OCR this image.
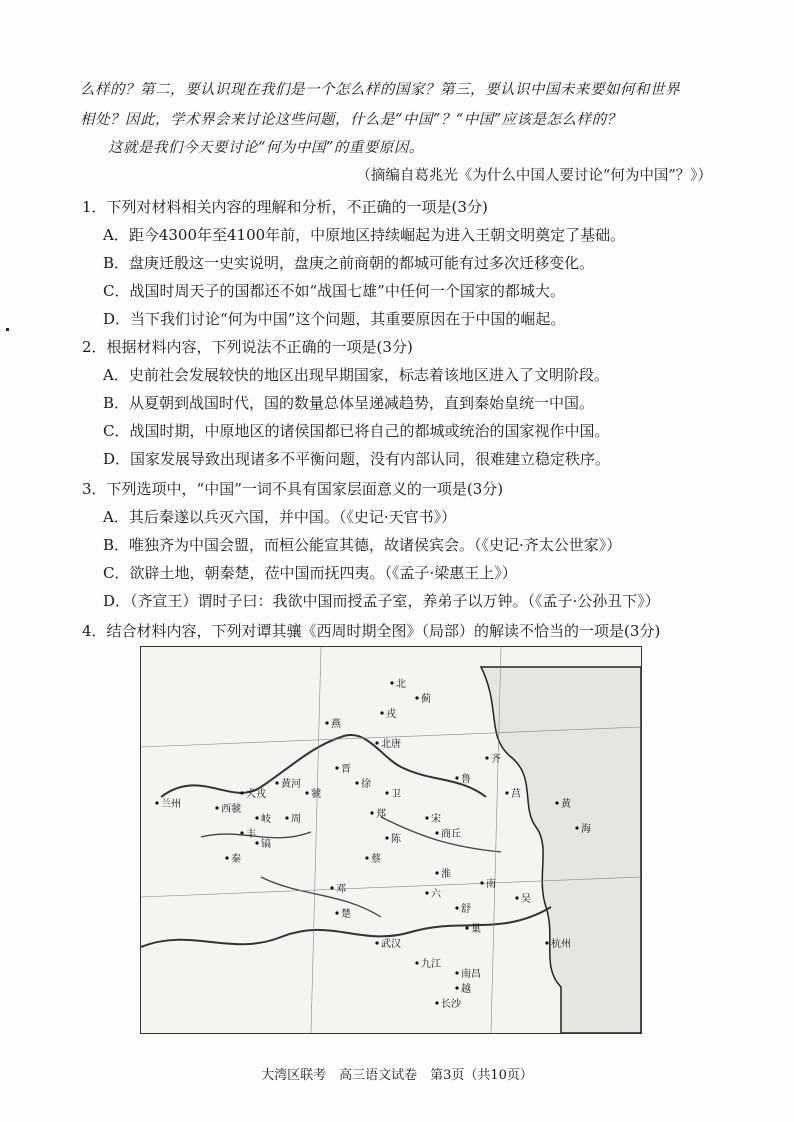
么样的？第二，要认识现在我们是一个怎么样的国家？第三，要认识中国未来要如何和世界
相处？因此，学术界会来讨论这些问题，什么是“中国”？“中国”应该是怎么样的？
这就是我们今天要讨论“何为中国”的重要原因。
（摘编自葛兆光《为什么中国人要讨论“何为中国”？》）
1．下列对材料相关内容的理解和分析，不正确的一项是(3分)
A．距今4300年至4100年前，中原地区持续崛起为进入王朝文明奠定了基础。
B．盘庚迁殷这一史实说明，盘庚之前商朝的都城可能有过多次迁移变化。
C．战国时周天子的国都还不如“战国七雄”中任何一个国家的都城大。
D．当下我们讨论“何为中国”这个问题，其重要原因在于中国的崛起。
2．根据材料内容，下列说法不正确的一项是(3分)
A．史前社会发展较快的地区出现早期国家，标志着该地区进入了文明阶段。
B．从夏朝到战国时代，国的数量总体呈递减趋势，直到秦始皇统一中国。
C．战国时期，中原地区的诸侯国都已将自己的都城或统治的国家视作中国。
D．国家发展导致出现诸多不平衡问题，没有内部认同，很难建立稳定秩序。
3．下列选项中，“中国”一词不具有国家层面意义的一项是(3分)
A．其后秦遂以兵灭六国，并中国。（《史记·天官书》）
B．唯独齐为中国会盟，而桓公能宣其德，故诸侯宾会。（《史记·齐太公世家》）
C．欲辟土地，朝秦楚，莅中国而抚四夷。（《孟子·梁惠王上》）
D．（齐宣王）谓时子曰：我欲中国而授孟子室，养弟子以万钟。（《孟子·公孙丑下》）
4．结合材料内容，下列对谭其骧《西周时期全图》（局部）的解读不恰当的一项是(3分)
北
燕
戎
蓟
北唐
晋
虢	卫
郑	宋
商丘
鲁
齐
莒
黄
海
兰州	西虢
丰
镐
秦
周
犬戎
淮
楚
邓
武汉
南
六
舒
巢
吴
越
长沙
杭州
九江
南昌
黄河
岐
陈
蔡
徐
大湾区联考　高三语文试卷　第3页（共10页）
